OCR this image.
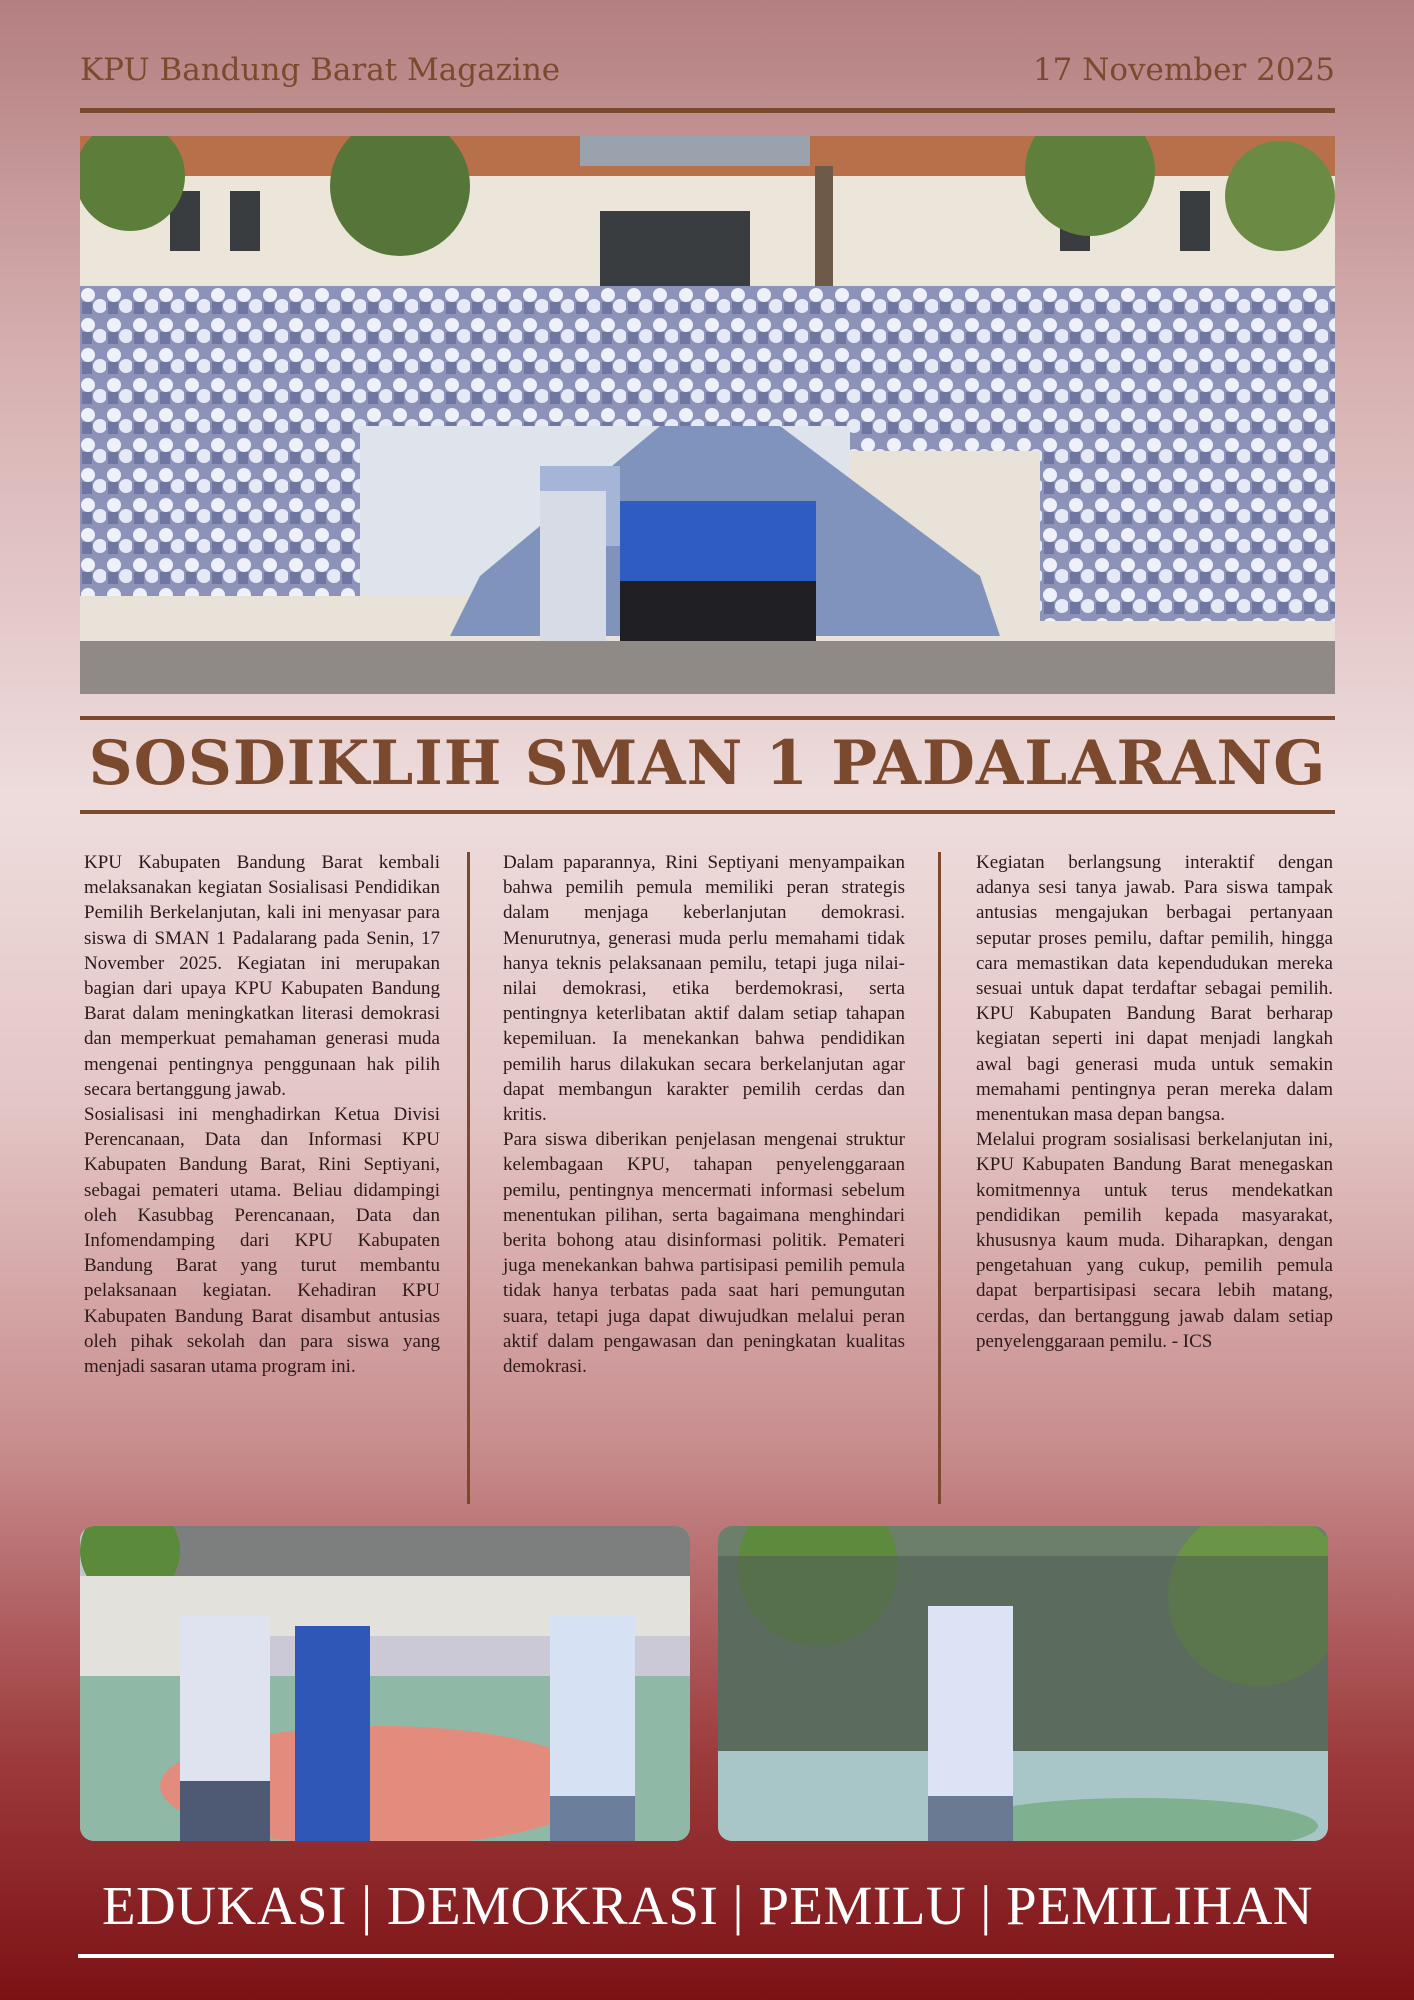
KPU Bandung Barat Magazine	17 November 2025
SOSDIKLIH SMAN 1 PADALARANG

KPU Kabupaten Bandung Barat kembali melaksanakan kegiatan Sosialisasi Pendidikan Pemilih Berkelanjutan, kali ini menyasar para siswa di SMAN 1 Padalarang pada Senin, 17 November 2025. Kegiatan ini merupakan bagian dari upaya KPU Kabupaten Bandung Barat dalam meningkatkan literasi demokrasi dan memperkuat pemahaman generasi muda mengenai pentingnya penggunaan hak pilih secara bertanggung jawab.

Sosialisasi ini menghadirkan Ketua Divisi Perencanaan, Data dan Informasi KPU Kabupaten Bandung Barat, Rini Septiyani, sebagai pemateri utama. Beliau didampingi oleh Kasubbag Perencanaan, Data dan Infomendamping dari KPU Kabupaten Bandung Barat yang turut membantu pelaksanaan kegiatan. Kehadiran KPU Kabupaten Bandung Barat disambut antusias oleh pihak sekolah dan para siswa yang menjadi sasaran utama program ini.

Dalam paparannya, Rini Septiyani menyampaikan bahwa pemilih pemula memiliki peran strategis dalam menjaga keberlanjutan demokrasi. Menurutnya, generasi muda perlu memahami tidak hanya teknis pelaksanaan pemilu, tetapi juga nilai-nilai demokrasi, etika berdemokrasi, serta pentingnya keterlibatan aktif dalam setiap tahapan kepemiluan. Ia menekankan bahwa pendidikan pemilih harus dilakukan secara berkelanjutan agar dapat membangun karakter pemilih cerdas dan kritis.

Para siswa diberikan penjelasan mengenai struktur kelembagaan KPU, tahapan penyelenggaraan pemilu, pentingnya mencermati informasi sebelum menentukan pilihan, serta bagaimana menghindari berita bohong atau disinformasi politik. Pemateri juga menekankan bahwa partisipasi pemilih pemula tidak hanya terbatas pada saat hari pemungutan suara, tetapi juga dapat diwujudkan melalui peran aktif dalam pengawasan dan peningkatan kualitas demokrasi.

Kegiatan berlangsung interaktif dengan adanya sesi tanya jawab. Para siswa tampak antusias mengajukan berbagai pertanyaan seputar proses pemilu, daftar pemilih, hingga cara memastikan data kependudukan mereka sesuai untuk dapat terdaftar sebagai pemilih. KPU Kabupaten Bandung Barat berharap kegiatan seperti ini dapat menjadi langkah awal bagi generasi muda untuk semakin memahami pentingnya peran mereka dalam menentukan masa depan bangsa.

Melalui program sosialisasi berkelanjutan ini, KPU Kabupaten Bandung Barat menegaskan komitmennya untuk terus mendekatkan pendidikan pemilih kepada masyarakat, khususnya kaum muda. Diharapkan, dengan pengetahuan yang cukup, pemilih pemula dapat berpartisipasi secara lebih matang, cerdas, dan bertanggung jawab dalam setiap penyelenggaraan pemilu. - ICS

EDUKASI | DEMOKRASI | PEMILU | PEMILIHAN
